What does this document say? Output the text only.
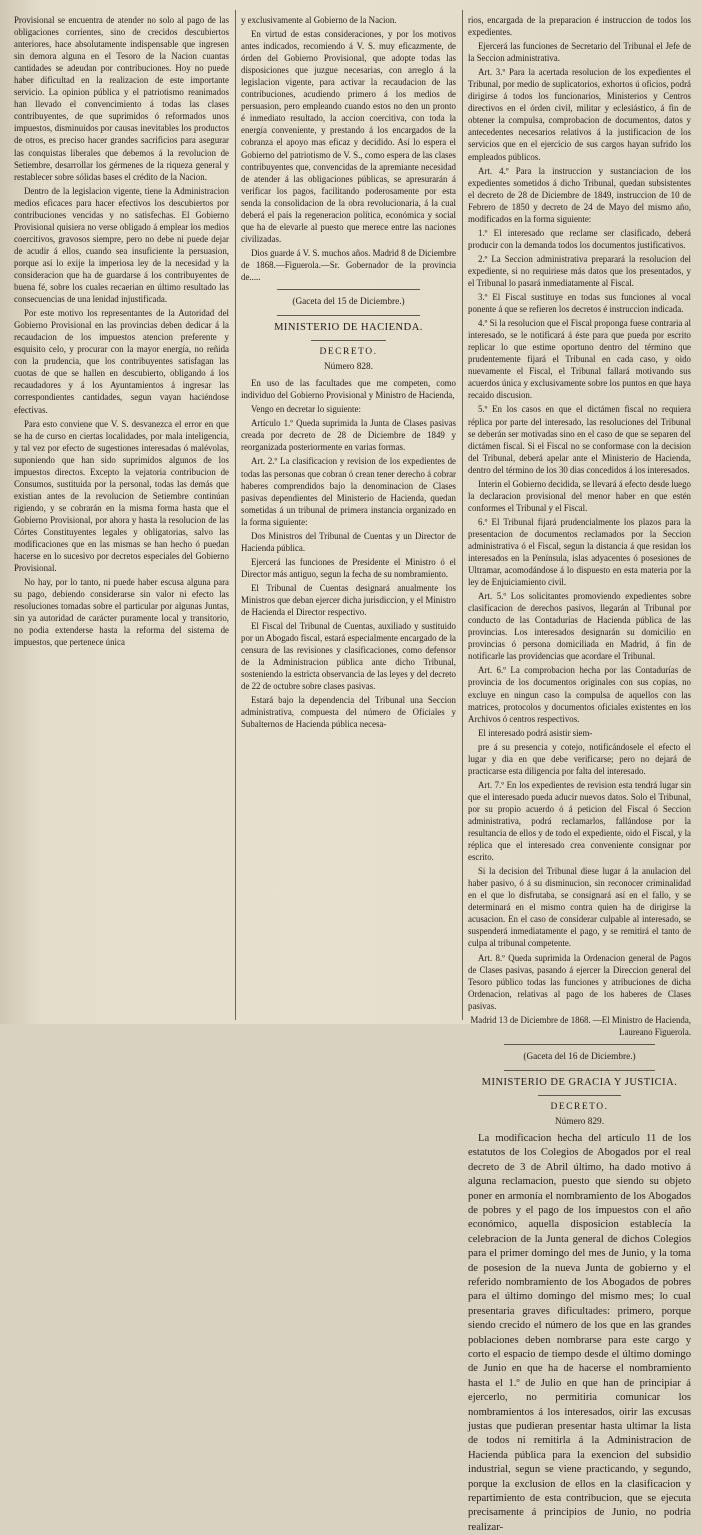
Provisional se encuentra de atender no solo al pago de las obligaciones corrientes, sino de crecidos descubiertos anteriores, hace absolutamente indispensable que ingresen sin demora alguna en el Tesoro de la Nacion cuantas cantidades se adeudan por contribuciones. Hoy no puede haber dificultad en la realizacion de este importante servicio. La opinion pública y el patriotismo reanimados han llevado el convencimiento á todas las clases contribuyentes, de que suprimidos ó reformados unos impuestos, disminuidos por causas inevitables los productos de otros, es preciso hacer grandes sacrificios para asegurar las conquistas liberales que debemos á la revolucion de Setiembre, desarrollar los gérmenes de la riqueza general y restablecer sobre sólidas bases el crédito de la Nacion.

Dentro de la legislacion vigente, tiene la Administracion medios eficaces para hacer efectivos los descubiertos por contribuciones vencidas y no satisfechas. El Gobierno Provisional quisiera no verse obligado á emplear los medios coercitivos, gravosos siempre, pero no debe ni puede dejar de acudir á ellos, cuando sea insuficiente la persuasion, porque así lo exije la imperiosa ley de la necesidad y la consideracion que ha de guardarse á los contribuyentes de buena fé, sobre los cuales recaerian en último resultado las consecuencias de una lenidad injustificada.

Por este motivo los representantes de la Autoridad del Gobierno Provisional en las provincias deben dedicar á la recaudacion de los impuestos atencion preferente y esquisito celo, y procurar con la mayor energía, no reñida con la prudencia, que los contribuyentes satisfagan las cuotas de que se hallen en descubierto, obligando á los recaudadores y á los Ayuntamientos á ingresar las correspondientes cantidades, segun vayan haciéndose efectivas.

Para esto conviene que V. S. desvanezca el error en que se ha de curso en ciertas localidades, por mala inteligencia, y tal vez por efecto de sugestiones interesadas ó malévolas, suponiendo que han sido suprimidos algunos de los impuestos directos. Excepto la vejatoria contribucion de Consumos, sustituida por la personal, todas las demás que existian antes de la revolucion de Setiembre continúan rigiendo, y se cobrarán en la misma forma hasta que el Gobierno Provisional, por ahora y hasta la resolucion de las Córtes Constituyentes legales y obligatorias, salvo las modificaciones que en las mismas se han hecho ó puedan hacerse en lo sucesivo por decretos especiales del Gobierno Provisional.

No hay, por lo tanto, ni puede haber escusa alguna para su pago, debiendo considerarse sin valor ni efecto las resoluciones tomadas sobre el particular por algunas Juntas, sin ya autoridad de carácter puramente local y transitorio, no podia extenderse hasta la reforma del sistema de impuestos, que pertenece única

y exclusivamente al Gobierno de la Nacion.

En virtud de estas consideraciones, y por los motivos antes indicados, recomiendo á V. S. muy eficazmente, de órden del Gobierno Provisional, que adopte todas las disposiciones que juzgue necesarias, con arreglo á la legislacion vigente, para activar la recaudacion de las contribuciones, acudiendo primero á los medios de persuasion, pero empleando cuando estos no den un pronto é inmediato resultado, la accion coercitiva, con toda la energía conveniente, y prestando á los encargados de la cobranza el apoyo mas eficaz y decidido. Así lo espera el Gobierno del patriotismo de V. S., como espera de las clases contribuyentes que, convencidas de la apremiante necesidad de atender á las obligaciones públicas, se apresurarán á verificar los pagos, facilitando poderosamente por esta senda la consolidacion de la obra revolucionaria, á la cual deberá el país la regeneracion política, económica y social que ha de elevarle al puesto que merece entre las naciones civilizadas.

Dios guarde á V. S. muchos años. Madrid 8 de Diciembre de 1868.—Figuerola.—Sr. Gobernador de la provincia de.....

(Gaceta del 15 de Diciembre.)

MINISTERIO DE HACIENDA.

DECRETO.

Número 828.

En uso de las facultades que me competen, como individuo del Gobierno Provisional y Ministro de Hacienda,

Vengo en decretar lo siguiente:

Artículo 1.º Queda suprimida la Junta de Clases pasivas creada por decreto de 28 de Diciembre de 1849 y reorganizada posteriormente en varias formas.

Art. 2.º La clasificacion y revision de los expedientes de todas las personas que cobran ó crean tener derecho á cobrar haberes comprendidos bajo la denominacion de Clases pasivas dependientes del Ministerio de Hacienda, quedan sometidas á un tribunal de primera instancia organizado en la forma siguiente:

Dos Ministros del Tribunal de Cuentas y un Director de Hacienda pública.

Ejercerá las funciones de Presidente el Ministro ó el Director más antiguo, segun la fecha de su nombramiento.

El Tribunal de Cuentas designará anualmente los Ministros que deban ejercer dicha jurisdiccion, y el Ministro de Hacienda el Director respectivo.

El Fiscal del Tribunal de Cuentas, auxiliado y sustituido por un Abogado fiscal, estará especialmente encargado de la censura de las revisiones y clasificaciones, como defensor de la Administracion pública ante dicho Tribunal, sosteniendo la estricta observancia de las leyes y del decreto de 22 de octubre sobre clases pasivas.

Estará bajo la dependencia del Tribunal una Seccion administrativa, compuesta del número de Oficiales y Subalternos de Hacienda pública necesa-

rios, encargada de la preparacion é instruccion de todos los expedientes.

Ejercerá las funciones de Secretario del Tribunal el Jefe de la Seccion administrativa.

Art. 3.º Para la acertada resolucion de los expedientes el Tribunal, por medio de suplicatorios, exhortos ú oficios, podrá dirigirse á todos los funcionarios, Ministerios y Centros directivos en el órden civil, militar y eclesiástico, á fin de obtener la compulsa, comprobacion de documentos, datos y antecedentes necesarios relativos á la justificacion de los servicios que en el ejercicio de sus cargos hayan sufrido los empleados públicos.

Art. 4.º Para la instruccion y sustanciacion de los expedientes sometidos á dicho Tribunal, quedan subsistentes el decreto de 28 de Diciembre de 1849, instruccion de 10 de Febrero de 1850 y decreto de 24 de Mayo del mismo año, modificados en la forma siguiente:

1.º El interesado que reclame ser clasificado, deberá producir con la demanda todos los documentos justificativos.

2.º La Seccion administrativa preparará la resolucion del expediente, si no requiriese más datos que los presentados, y el Tribunal lo pasará inmediatamente al Fiscal.

3.º El Fiscal sustituye en todas sus funciones al vocal ponente á que se refieren los decretos é instruccion indicada.

4.º Si la resolucion que el Fiscal proponga fuese contraria al interesado, se le notificará á éste para que pueda por escrito replicar lo que estime oportuno dentro del término que prudentemente fijará el Tribunal en cada caso, y oido nuevamente el Fiscal, el Tribunal fallará motivando sus acuerdos única y exclusivamente sobre los puntos en que haya recaido discusion.

5.º En los casos en que el dictámen fiscal no requiera réplica por parte del interesado, las resoluciones del Tribunal se deberán ser motivadas sino en el caso de que se separen del dictámen fiscal. Si el Fiscal no se conformase con la decision del Tribunal, deberá apelar ante el Ministerio de Hacienda, dentro del término de los 30 dias concedidos á los interesados.

Interin el Gobierno decidida, se llevará á efecto desde luego la declaracion provisional del menor haber en que estén conformes el Tribunal y el Fiscal.

6.º El Tribunal fijará prudencialmente los plazos para la presentacion de documentos reclamados por la Seccion administrativa ó el Fiscal, segun la distancia á que residan los interesados en la Península, islas adyacentes ó posesiones de Ultramar, acomodándose á lo dispuesto en esta materia por la ley de Enjuiciamiento civil.

Art. 5.º Los solicitantes promoviendo expedientes sobre clasificacion de derechos pasivos, llegarán al Tribunal por conducto de las Contadurías de Hacienda pública de las provincias. Los interesados designarán su domicilio en provincias ó persona domiciliada en Madrid, á fin de notificarle las providencias que acordare el Tribunal.

Art. 6.º La comprobacion hecha por las Contadurías de provincia de los documentos originales con sus copias, no excluye en ningun caso la compulsa de aquellos con las matrices, protocolos y documentos oficiales existentes en los Archivos ó centros respectivos.

El interesado podrá asistir siem-

pre á su presencia y cotejo, notificándosele el efecto el lugar y dia en que debe verificarse; pero no dejará de practicarse esta diligencia por falta del interesado.

Art. 7.º En los expedientes de revision esta tendrá lugar sin que el interesado pueda aducir nuevos datos. Solo el Tribunal, por su propio acuerdo ó á peticion del Fiscal ó Seccion administrativa, podrá reclamarlos, fallándose por la resultancia de ellos y de todo el expediente, oido el Fiscal, y la réplica que el interesado crea conveniente consignar por escrito.

Si la decision del Tribunal diese lugar á la anulacion del haber pasivo, ó á su disminucion, sin reconocer criminalidad en el que lo disfrutaba, se consignará así en el fallo, y se determinará en el mismo contra quien ha de dirigirse la acusacion. En el caso de considerar culpable al interesado, se suspenderá inmediatamente el pago, y se remitirá el tanto de culpa al tribunal competente.

Art. 8.º Queda suprimida la Ordenacion general de Pagos de Clases pasivas, pasando á ejercer la Direccion general del Tesoro público todas las funciones y atribuciones de dicha Ordenacion, relativas al pago de los haberes de Clases pasivas.

Madrid 13 de Diciembre de 1868. —El Ministro de Hacienda, Laureano Figuerola.

(Gaceta del 16 de Diciembre.)

MINISTERIO DE GRACIA Y JUSTICIA.

DECRETO.

Número 829.

La modificacion hecha del artículo 11 de los estatutos de los Colegios de Abogados por el real decreto de 3 de Abril último, ha dado motivo á alguna reclamacion, puesto que siendo su objeto poner en armonía el nombramiento de los Abogados de pobres y el pago de los impuestos con el año económico, aquella disposicion establecía la celebracion de la Junta general de dichos Colegios para el primer domingo del mes de Junio, y la toma de posesion de la nueva Junta de gobierno y el referido nombramiento de los Abogados de pobres para el último domingo del mismo mes; lo cual presentaria graves dificultades: primero, porque siendo crecido el número de los que en las grandes poblaciones deben nombrarse para este cargo y corto el espacio de tiempo desde el último domingo de Junio en que ha de hacerse el nombramiento hasta el 1.º de Julio en que han de principiar á ejercerlo, no permitiria comunicar los nombramientos á los interesados, oirir las excusas justas que pudieran presentar hasta ultimar la lista de todos ni remitirla á la Administracion de Hacienda pública para la exencion del subsidio industrial, segun se viene practicando, y segundo, porque la exclusion de ellos en la clasificacion y repartimiento de esta contribucion, que se ejecuta precisamente á principios de Junio, no podria realizar-
